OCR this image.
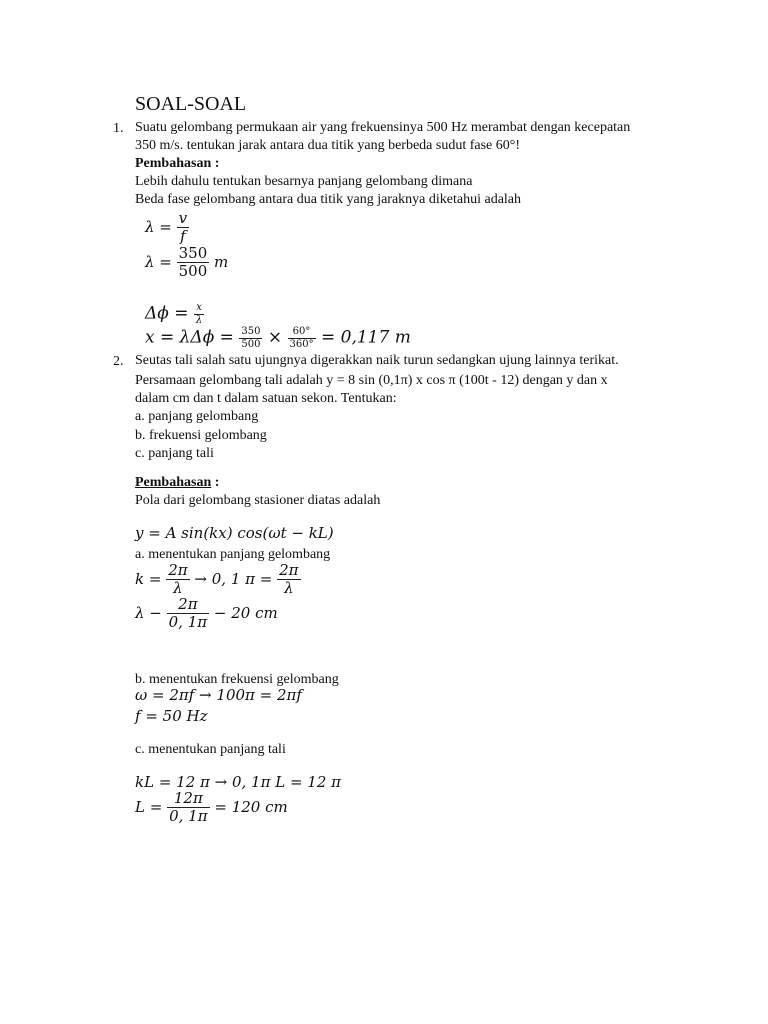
SOAL-SOAL
1. Suatu gelombang permukaan air yang frekuensinya 500 Hz merambat dengan kecepatan
350 m/s. tentukan jarak antara dua titik yang berbeda sudut fase 60°!
Pembahasan :
Lebih dahulu tentukan besarnya panjang gelombang dimana
Beda fase gelombang antara dua titik yang jaraknya diketahui adalah
$\lambda = \frac{v}{f}$
$\lambda = \frac{350}{500}$ m
$\Delta\phi = \frac{x}{\lambda}$
$x = \lambda\Delta\phi = \frac{350}{500} \times \frac{60^\circ}{360^\circ} = 0,117$ m
2. Seutas tali salah satu ujungnya digerakkan naik turun sedangkan ujung lainnya terikat.
Persamaan gelombang tali adalah y = 8 sin (0,1π) x cos π (100t - 12) dengan y dan x
dalam cm dan t dalam satuan sekon. Tentukan:
a. panjang gelombang
b. frekuensi gelombang
c. panjang tali
Pembahasan :
Pola dari gelombang stasioner diatas adalah
y = A sin(kx) cos(ωt − kL)
a. menentukan panjang gelombang
$k = \frac{2\pi}{\lambda} \to 0$, 1 $\pi = \frac{2\pi}{\lambda}$
$\lambda - \frac{2\pi}{0, 1\pi} - 20$ cm
b. menentukan frekuensi gelombang
ω = 2πf → 100π = 2πf
f = 50 Hz
c. menentukan panjang tali
kL = 12 π → 0, 1π L = 12 π
$L = \frac{12\pi}{0, 1\pi} = 120$ cm
